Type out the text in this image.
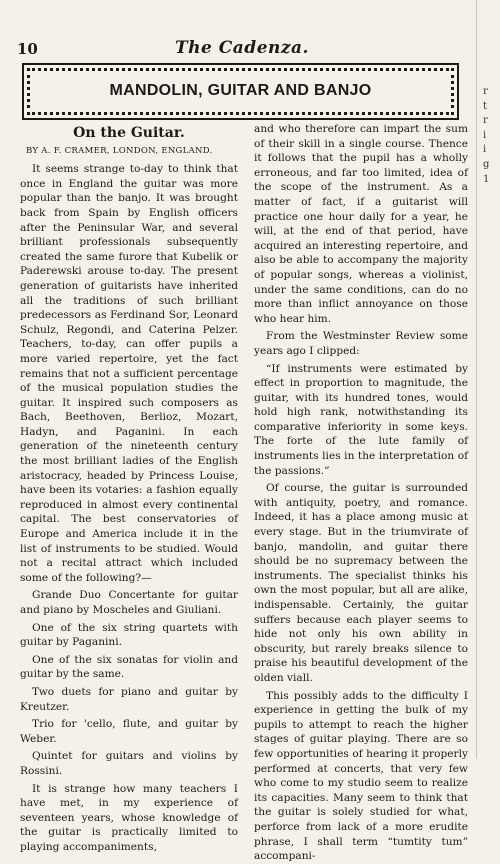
10	The Cadenza.
MANDOLIN, GUITAR AND BANJO
On the Guitar.
BY A. F. CRAMER, LONDON, ENGLAND.

It seems strange to-day to think that once in England the guitar was more popular than the banjo. It was brought back from Spain by English officers after the Peninsular War, and several brilliant professionals subsequently created the same furore that Kubelik or Paderewski arouse to-day. The present generation of guitarists have inherited all the traditions of such brilliant predecessors as Ferdinand Sor, Leonard Schulz, Regondi, and Caterina Pelzer. Teachers, to-day, can offer pupils a more varied repertoire, yet the fact remains that not a sufficient percentage of the musical population studies the guitar. It inspired such composers as Bach, Beethoven, Berlioz, Mozart, Hadyn, and Paganini. In each generation of the nineteenth century the most brilliant ladies of the English aristocracy, headed by Princess Louise, have been its votaries: a fashion equally reproduced in almost every continental capital. The best conservatories of Europe and America include it in the list of instruments to be studied. Would not a recital attract which included some of the following?—

Grande Duo Concertante for guitar and piano by Moscheles and Giuliani.

One of the six string quartets with guitar by Paganini.

One of the six sonatas for violin and guitar by the same.

Two duets for piano and guitar by Kreutzer.

Trio for 'cello, flute, and guitar by Weber.

Quintet for guitars and violins by Rossini.

It is strange how many teachers I have met, in my experience of seventeen years, whose knowledge of the guitar is practically limited to playing accompaniments,

and who therefore can impart the sum of their skill in a single course. Thence it follows that the pupil has a wholly erroneous, and far too limited, idea of the scope of the instrument. As a matter of fact, if a guitarist will practice one hour daily for a year, he will, at the end of that period, have acquired an interesting repertoire, and also be able to accompany the majority of popular songs, whereas a violinist, under the same conditions, can do no more than inflict annoyance on those who hear him.

From the Westminster Review some years ago I clipped:

“If instruments were estimated by effect in proportion to magnitude, the guitar, with its hundred tones, would hold high rank, notwithstanding its comparative inferiority in some keys. The forte of the lute family of instruments lies in the interpretation of the passions.”

Of course, the guitar is surrounded with antiquity, poetry, and romance. Indeed, it has a place among music at every stage. But in the triumvirate of banjo, mandolin, and guitar there should be no supremacy between the instruments. The specialist thinks his own the most popular, but all are alike, indispensable. Certainly, the guitar suffers because each player seems to hide not only his own ability in obscurity, but rarely breaks silence to praise his beautiful development of the olden viall.

This possibly adds to the difficulty I experience in getting the bulk of my pupils to attempt to reach the higher stages of guitar playing. There are so few opportunities of hearing it properly performed at concerts, that very few who come to my studio seem to realize its capacities. Many seem to think that the guitar is solely studied for what, perforce from lack of a more erudite phrase, I shall term “tumtity tum” accompani-

r
t
r
i
i
g
1
